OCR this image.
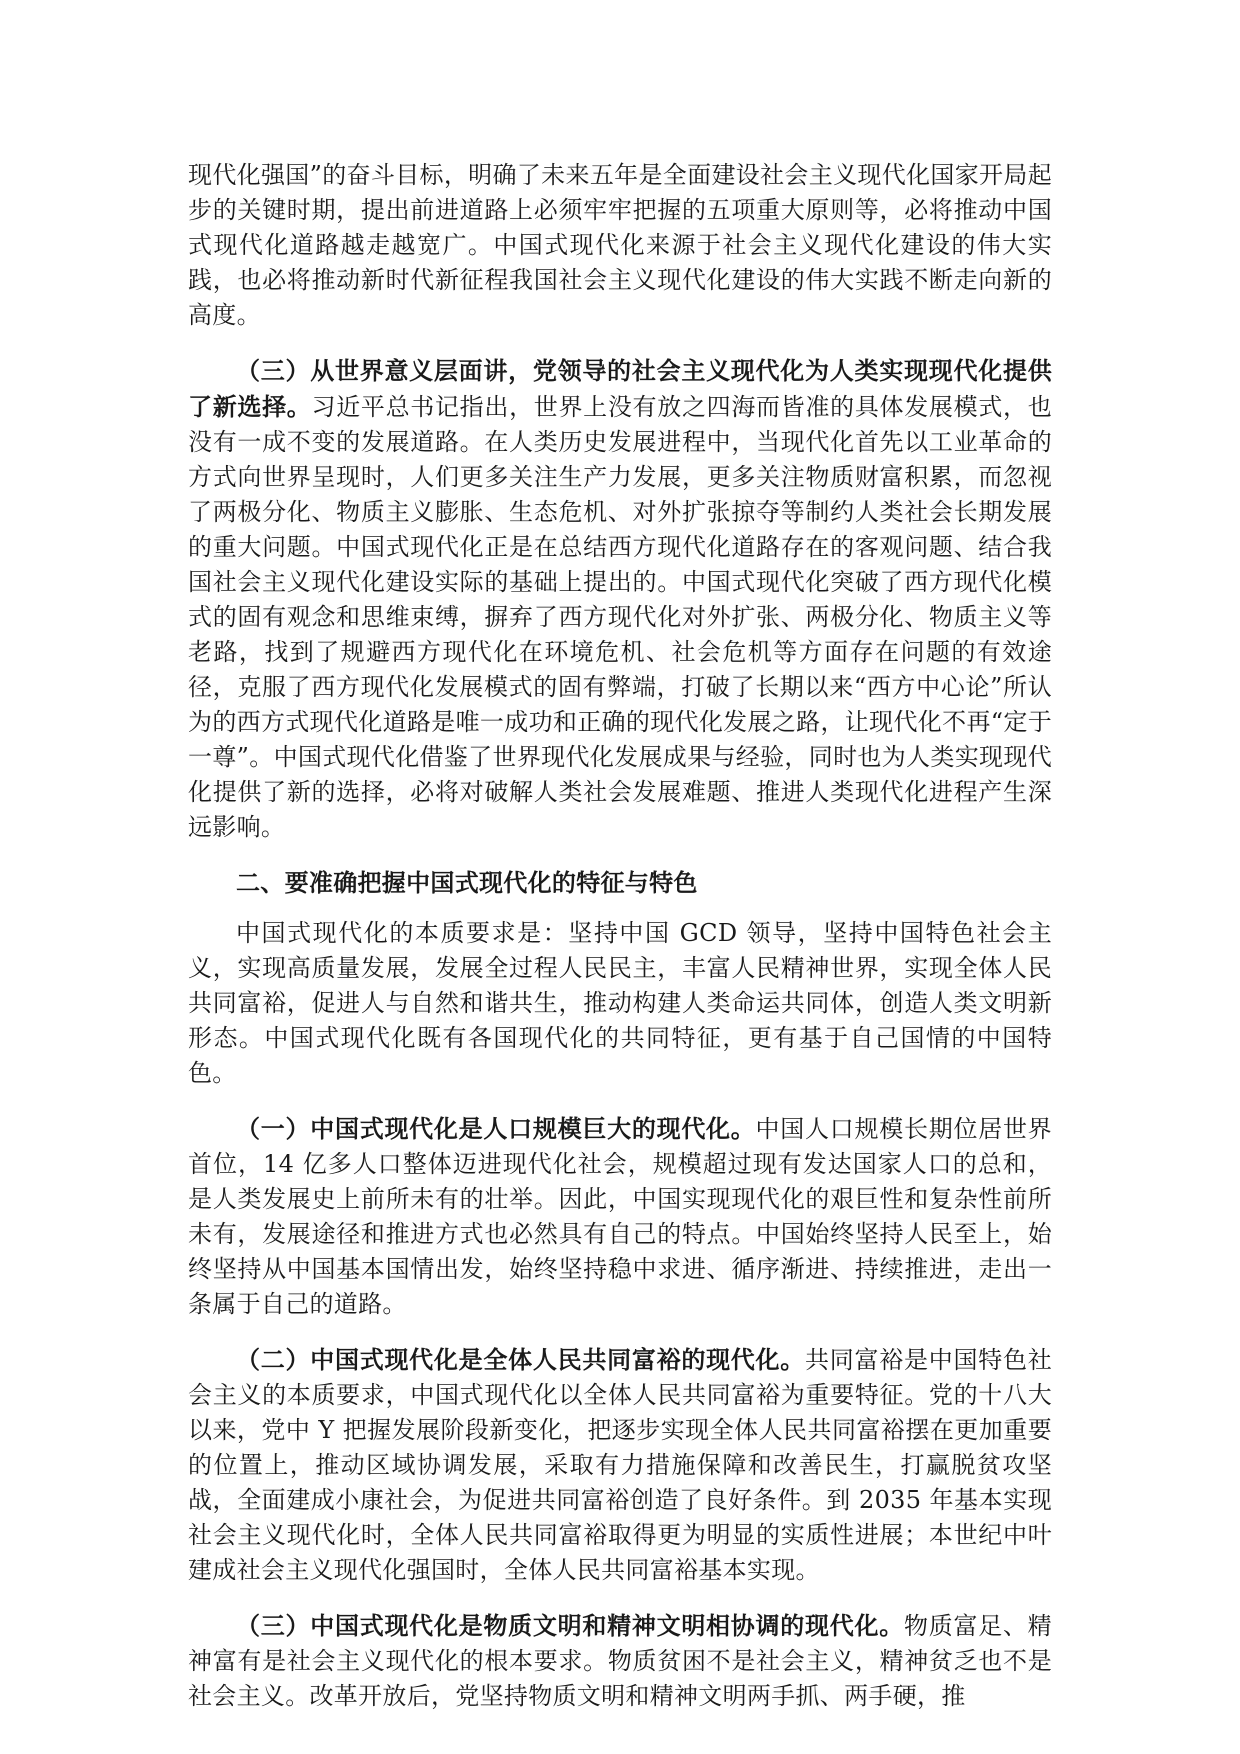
现代化强国”的奋斗目标，明确了未来五年是全面建设社会主义现代化国家开局起步的关键时期，提出前进道路上必须牢牢把握的五项重大原则等，必将推动中国式现代化道路越走越宽广。中国式现代化来源于社会主义现代化建设的伟大实践，也必将推动新时代新征程我国社会主义现代化建设的伟大实践不断走向新的高度。

（三）从世界意义层面讲，党领导的社会主义现代化为人类实现现代化提供了新选择。习近平总书记指出，世界上没有放之四海而皆准的具体发展模式，也没有一成不变的发展道路。在人类历史发展进程中，当现代化首先以工业革命的方式向世界呈现时，人们更多关注生产力发展，更多关注物质财富积累，而忽视了两极分化、物质主义膨胀、生态危机、对外扩张掠夺等制约人类社会长期发展的重大问题。中国式现代化正是在总结西方现代化道路存在的客观问题、结合我国社会主义现代化建设实际的基础上提出的。中国式现代化突破了西方现代化模式的固有观念和思维束缚，摒弃了西方现代化对外扩张、两极分化、物质主义等老路，找到了规避西方现代化在环境危机、社会危机等方面存在问题的有效途径，克服了西方现代化发展模式的固有弊端，打破了长期以来“西方中心论”所认为的西方式现代化道路是唯一成功和正确的现代化发展之路，让现代化不再“定于一尊”。中国式现代化借鉴了世界现代化发展成果与经验，同时也为人类实现现代化提供了新的选择，必将对破解人类社会发展难题、推进人类现代化进程产生深远影响。

二、要准确把握中国式现代化的特征与特色

中国式现代化的本质要求是：坚持中国 GCD 领导，坚持中国特色社会主义，实现高质量发展，发展全过程人民民主，丰富人民精神世界，实现全体人民共同富裕，促进人与自然和谐共生，推动构建人类命运共同体，创造人类文明新形态。中国式现代化既有各国现代化的共同特征，更有基于自己国情的中国特色。

（一）中国式现代化是人口规模巨大的现代化。中国人口规模长期位居世界首位，14 亿多人口整体迈进现代化社会，规模超过现有发达国家人口的总和，是人类发展史上前所未有的壮举。因此，中国实现现代化的艰巨性和复杂性前所未有，发展途径和推进方式也必然具有自己的特点。中国始终坚持人民至上，始终坚持从中国基本国情出发，始终坚持稳中求进、循序渐进、持续推进，走出一条属于自己的道路。

（二）中国式现代化是全体人民共同富裕的现代化。共同富裕是中国特色社会主义的本质要求，中国式现代化以全体人民共同富裕为重要特征。党的十八大以来，党中 Y 把握发展阶段新变化，把逐步实现全体人民共同富裕摆在更加重要的位置上，推动区域协调发展，采取有力措施保障和改善民生，打赢脱贫攻坚战，全面建成小康社会，为促进共同富裕创造了良好条件。到 2035 年基本实现社会主义现代化时，全体人民共同富裕取得更为明显的实质性进展；本世纪中叶建成社会主义现代化强国时，全体人民共同富裕基本实现。

（三）中国式现代化是物质文明和精神文明相协调的现代化。物质富足、精神富有是社会主义现代化的根本要求。物质贫困不是社会主义，精神贫乏也不是社会主义。改革开放后，党坚持物质文明和精神文明两手抓、两手硬，推
